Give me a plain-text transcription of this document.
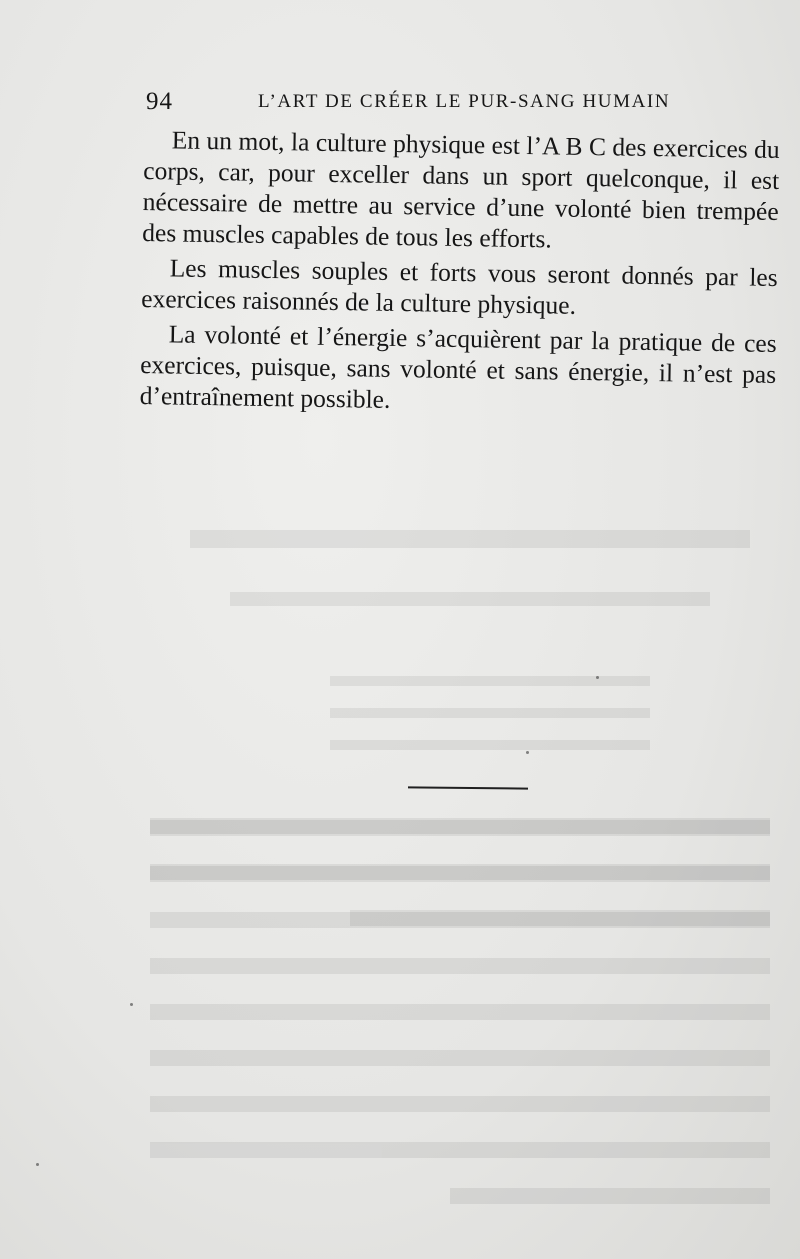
94	L’ART DE CRÉER LE PUR-SANG HUMAIN

En un mot, la culture physique est l’A B C des exercices du corps, car, pour exceller dans un sport quelconque, il est nécessaire de mettre au service d’une volonté bien trempée des muscles capables de tous les efforts.

Les muscles souples et forts vous seront donnés par les exercices raisonnés de la culture physique.

La volonté et l’énergie s’acquièrent par la pratique de ces exercices, puisque, sans volonté et sans énergie, il n’est pas d’entraînement possible.
